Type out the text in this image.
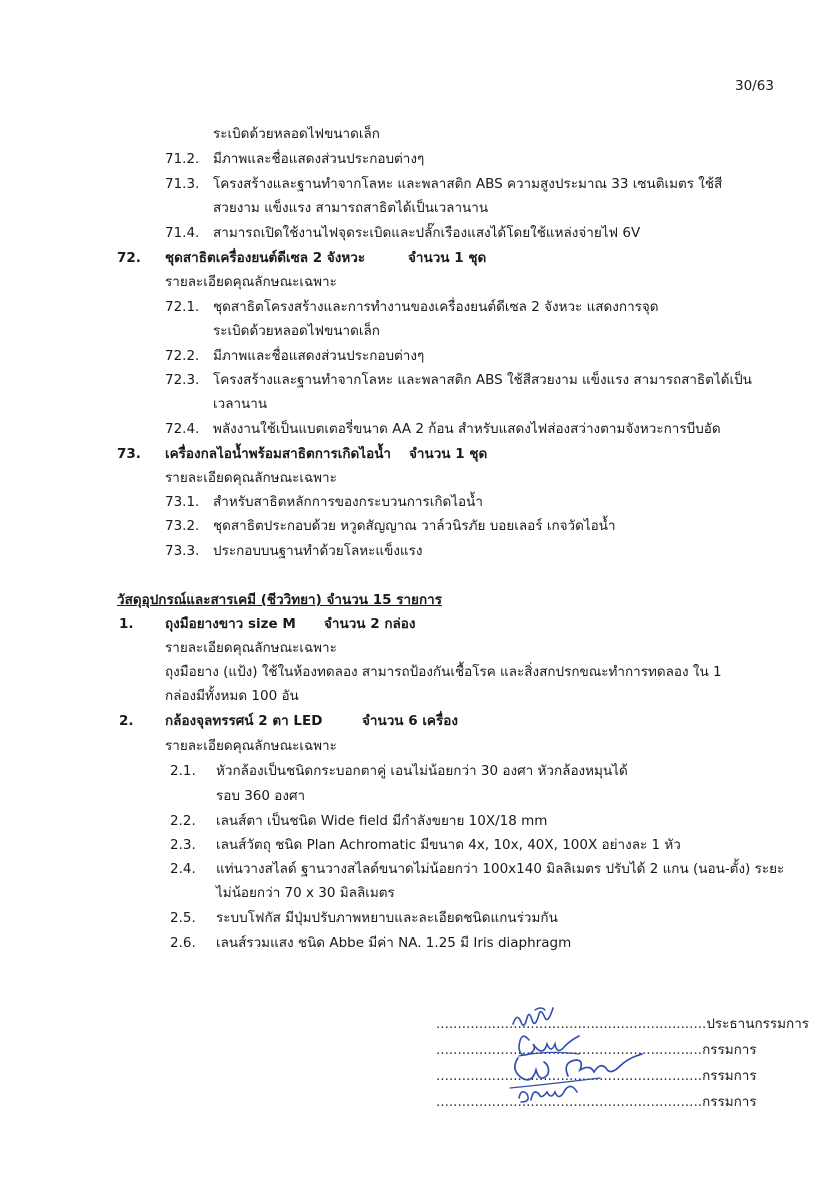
30/63
ระเบิดด้วยหลอดไฟขนาดเล็ก
71.2. มีภาพและชื่อแสดงส่วนประกอบต่างๆ
71.3. โครงสร้างและฐานทำจากโลหะ และพลาสติก ABS ความสูงประมาณ 33 เซนติเมตร ใช้สี
สวยงาม แข็งแรง สามารถสาธิตได้เป็นเวลานาน
71.4. สามารถเปิดใช้งานไฟจุดระเบิดและปลั๊กเรืองแสงได้โดยใช้แหล่งจ่ายไฟ 6V
72. ชุดสาธิตเครื่องยนต์ดีเซล 2 จังหวะ	จำนวน 1 ชุด
รายละเอียดคุณลักษณะเฉพาะ
72.1. ชุดสาธิตโครงสร้างและการทำงานของเครื่องยนต์ดีเซล 2 จังหวะ แสดงการจุด
ระเบิดด้วยหลอดไฟขนาดเล็ก
72.2. มีภาพและชื่อแสดงส่วนประกอบต่างๆ
72.3. โครงสร้างและฐานทำจากโลหะ และพลาสติก ABS ใช้สีสวยงาม แข็งแรง สามารถสาธิตได้เป็น
เวลานาน
72.4. พลังงานใช้เป็นแบตเตอรี่ขนาด AA 2 ก้อน สำหรับแสดงไฟส่องสว่างตามจังหวะการบีบอัด
73. เครื่องกลไอน้ำพร้อมสาธิตการเกิดไอน้ำ จำนวน 1 ชุด
รายละเอียดคุณลักษณะเฉพาะ
73.1. สำหรับสาธิตหลักการของกระบวนการเกิดไอน้ำ
73.2. ชุดสาธิตประกอบด้วย หวูดสัญญาณ วาล์วนิรภัย บอยเลอร์ เกจวัดไอน้ำ
73.3. ประกอบบนฐานทำด้วยโลหะแข็งแรง
วัสดุอุปกรณ์และสารเคมี (ชีววิทยา) จำนวน 15 รายการ
1. ถุงมือยางขาว size M จำนวน 2 กล่อง
รายละเอียดคุณลักษณะเฉพาะ
ถุงมือยาง (แป้ง) ใช้ในห้องทดลอง สามารถป้องกันเชื้อโรค และสิ่งสกปรกขณะทำการทดลอง ใน 1
กล่องมีทั้งหมด 100 อัน
2. กล้องจุลทรรศน์ 2 ตา LED	จำนวน 6 เครื่อง
รายละเอียดคุณลักษณะเฉพาะ
2.1. หัวกล้องเป็นชนิดกระบอกตาคู่ เอนไม่น้อยกว่า 30 องศา หัวกล้องหมุนได้
รอบ 360 องศา
2.2. เลนส์ตา เป็นชนิด Wide field มีกำลังขยาย 10X/18 mm
2.3. เลนส์วัตถุ ชนิด Plan Achromatic มีขนาด 4x, 10x, 40X, 100X อย่างละ 1 หัว
2.4. แท่นวางสไลด์ ฐานวางสไลด์ขนาดไม่น้อยกว่า 100x140 มิลลิเมตร ปรับได้ 2 แกน (นอน-ตั้ง) ระยะ
ไม่น้อยกว่า 70 x 30 มิลลิเมตร
2.5. ระบบโฟกัส มีปุ่มปรับภาพหยาบและละเอียดชนิดแกนร่วมกัน
2.6. เลนส์รวมแสง ชนิด Abbe มีค่า NA. 1.25 มี Iris diaphragm
...............................................................ประธานกรรมการ
..............................................................กรรมการ
..............................................................กรรมการ
..............................................................กรรมการ
